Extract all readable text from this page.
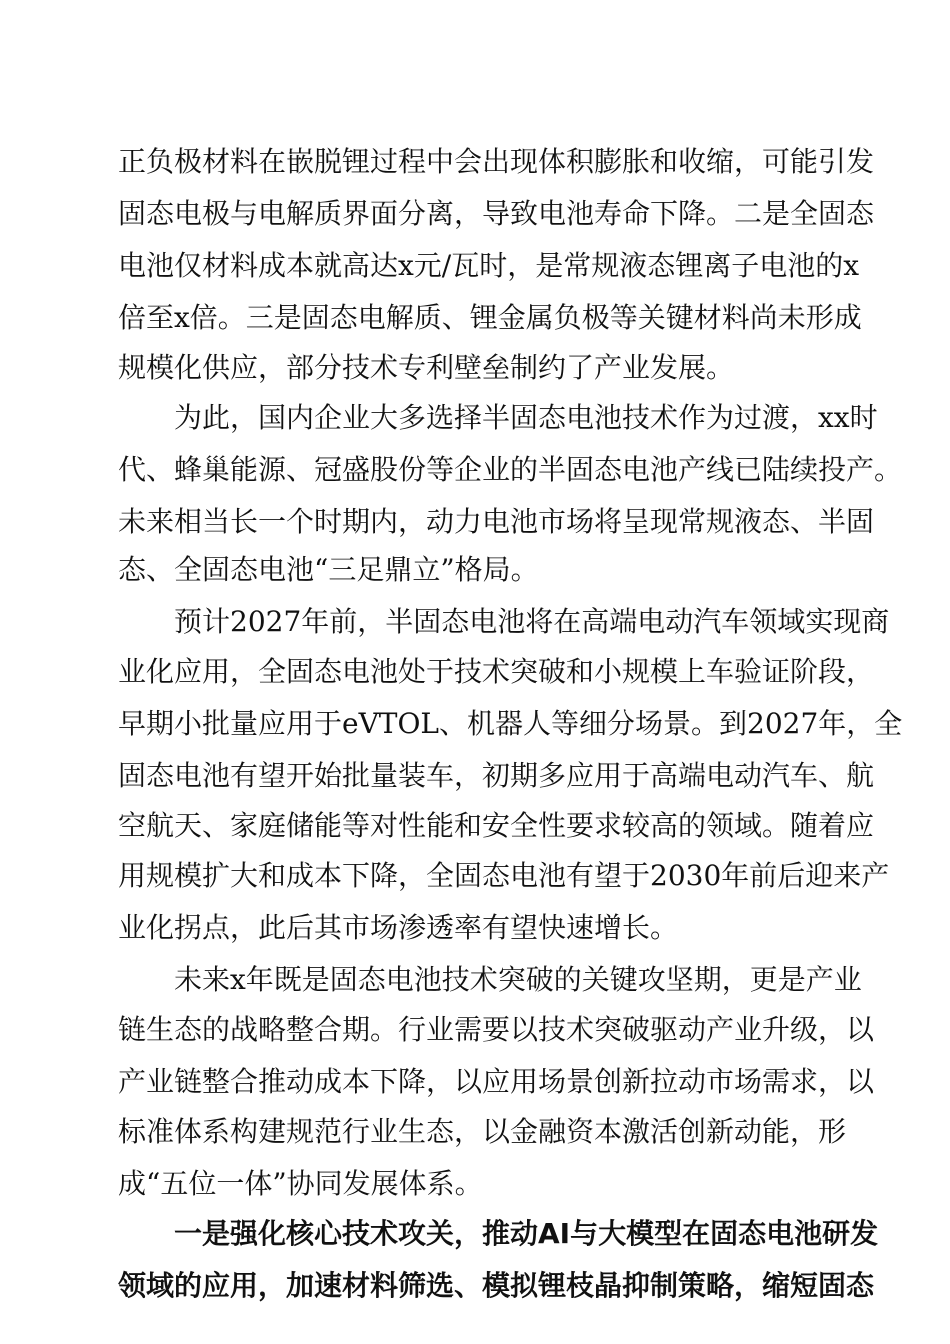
正负极材料在嵌脱锂过程中会出现体积膨胀和收缩，可能引发
固态电极与电解质界面分离，导致电池寿命下降。二是全固态
电池仅材料成本就高达x元/瓦时，是常规液态锂离子电池的x
倍至x倍。三是固态电解质、锂金属负极等关键材料尚未形成
规模化供应，部分技术专利壁垒制约了产业发展。
为此，国内企业大多选择半固态电池技术作为过渡，xx时
代、蜂巢能源、冠盛股份等企业的半固态电池产线已陆续投产。
未来相当长一个时期内，动力电池市场将呈现常规液态、半固
态、全固态电池“三足鼎立”格局。
预计2027年前，半固态电池将在高端电动汽车领域实现商
业化应用，全固态电池处于技术突破和小规模上车验证阶段，
早期小批量应用于eVTOL、机器人等细分场景。到2027年，全
固态电池有望开始批量装车，初期多应用于高端电动汽车、航
空航天、家庭储能等对性能和安全性要求较高的领域。随着应
用规模扩大和成本下降，全固态电池有望于2030年前后迎来产
业化拐点，此后其市场渗透率有望快速增长。
未来x年既是固态电池技术突破的关键攻坚期，更是产业
链生态的战略整合期。行业需要以技术突破驱动产业升级，以
产业链整合推动成本下降，以应用场景创新拉动市场需求，以
标准体系构建规范行业生态，以金融资本激活创新动能，形
成“五位一体”协同发展体系。
一是强化核心技术攻关，推动AI与大模型在固态电池研发
领域的应用，加速材料筛选、模拟锂枝晶抑制策略，缩短固态
